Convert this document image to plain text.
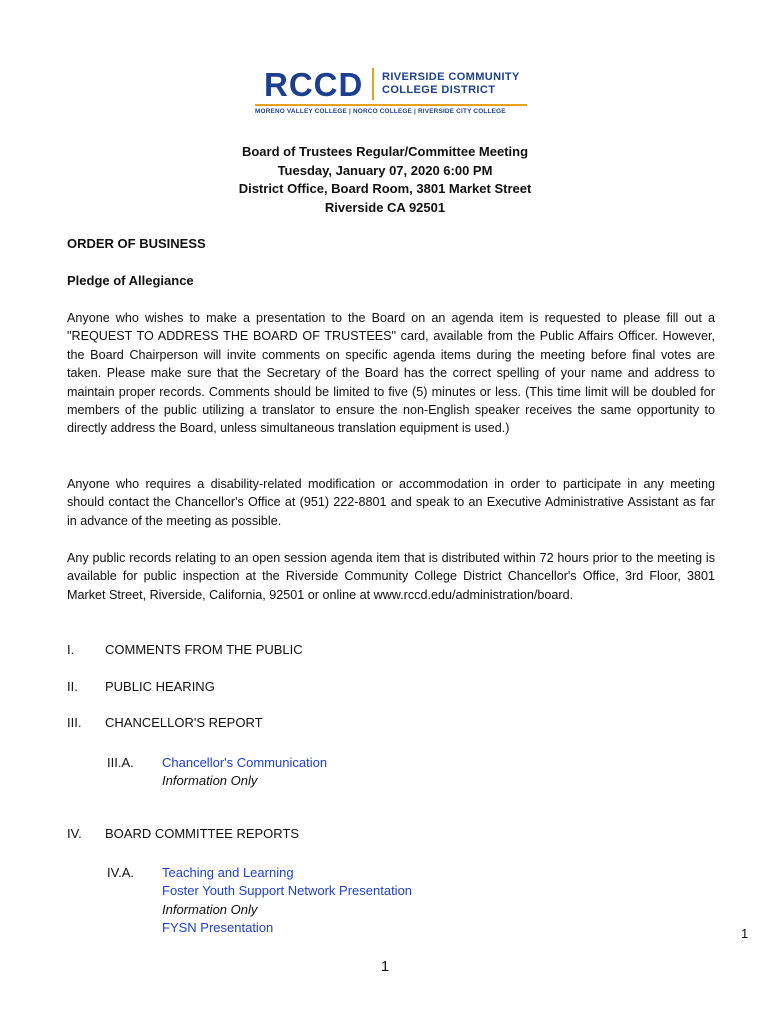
RCCD RIVERSIDE COMMUNITY
COLLEGE DISTRICT
MORENO VALLEY COLLEGE | NORCO COLLEGE | RIVERSIDE CITY COLLEGE
Board of Trustees Regular/Committee Meeting
Tuesday, January 07, 2020 6:00 PM
District Office, Board Room, 3801 Market Street
Riverside CA 92501
ORDER OF BUSINESS
Pledge of Allegiance

Anyone who wishes to make a presentation to the Board on an agenda item is requested to please fill out a "REQUEST TO ADDRESS THE BOARD OF TRUSTEES" card, available from the Public Affairs Officer. However, the Board Chairperson will invite comments on specific agenda items during the meeting before final votes are taken. Please make sure that the Secretary of the Board has the correct spelling of your name and address to maintain proper records. Comments should be limited to five (5) minutes or less. (This time limit will be doubled for members of the public utilizing a translator to ensure the non-English speaker receives the same opportunity to directly address the Board, unless simultaneous translation equipment is used.)

Anyone who requires a disability-related modification or accommodation in order to participate in any meeting should contact the Chancellor's Office at (951) 222-8801 and speak to an Executive Administrative Assistant as far in advance of the meeting as possible.

Any public records relating to an open session agenda item that is distributed within 72 hours prior to the meeting is available for public inspection at the Riverside Community College District Chancellor's Office, 3rd Floor, 3801 Market Street, Riverside, California, 92501 or online at www.rccd.edu/administration/board.

I. COMMENTS FROM THE PUBLIC
II. PUBLIC HEARING
III. CHANCELLOR'S REPORT
III.A. Chancellor's Communication
Information Only
IV. BOARD COMMITTEE REPORTS
IV.A. Teaching and Learning
Foster Youth Support Network Presentation
Information Only
FYSN Presentation	1
1
